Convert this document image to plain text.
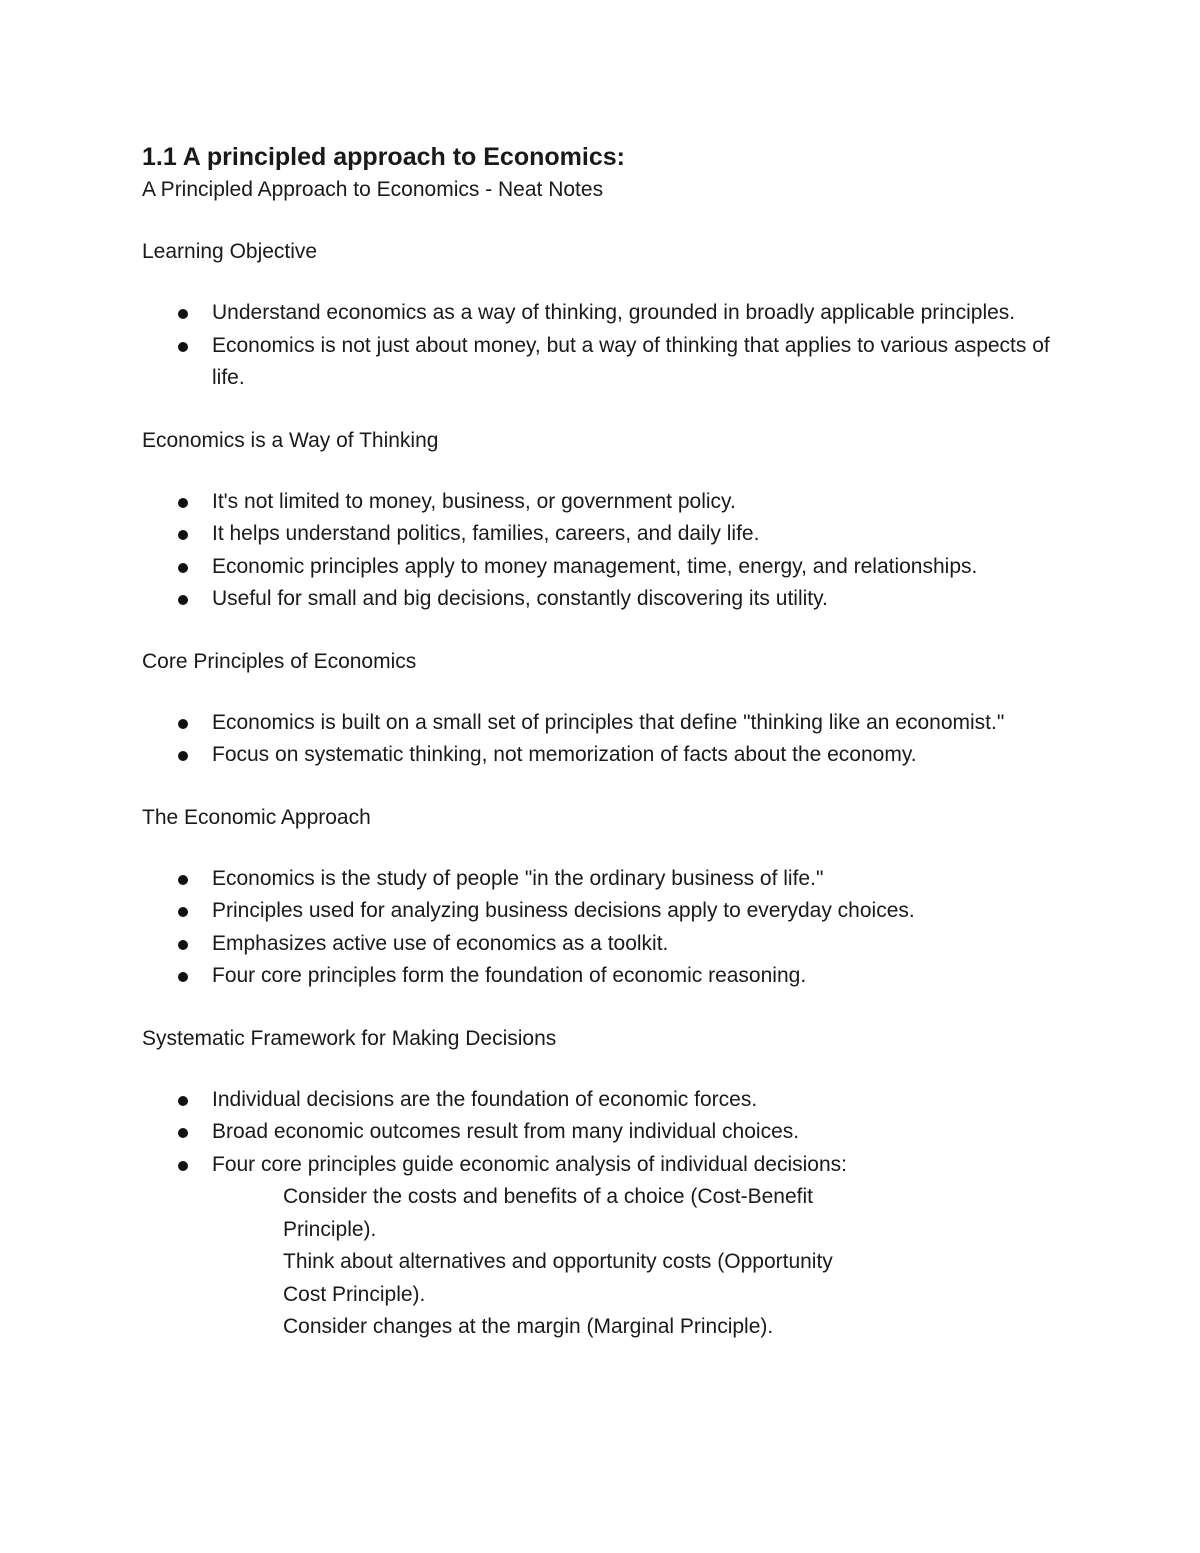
1.1 A principled approach to Economics:

A Principled Approach to Economics - Neat Notes

Learning Objective

Understand economics as a way of thinking, grounded in broadly applicable principles.
Economics is not just about money, but a way of thinking that applies to various aspects of life.

Economics is a Way of Thinking

It's not limited to money, business, or government policy.
It helps understand politics, families, careers, and daily life.
Economic principles apply to money management, time, energy, and relationships.
Useful for small and big decisions, constantly discovering its utility.

Core Principles of Economics

Economics is built on a small set of principles that define "thinking like an economist."
Focus on systematic thinking, not memorization of facts about the economy.

The Economic Approach

Economics is the study of people "in the ordinary business of life."
Principles used for analyzing business decisions apply to everyday choices.
Emphasizes active use of economics as a toolkit.
Four core principles form the foundation of economic reasoning.

Systematic Framework for Making Decisions

Individual decisions are the foundation of economic forces.
Broad economic outcomes result from many individual choices.
Four core principles guide economic analysis of individual decisions:
Consider the costs and benefits of a choice (Cost-Benefit Principle).
Think about alternatives and opportunity costs (Opportunity Cost Principle).
Consider changes at the margin (Marginal Principle).
